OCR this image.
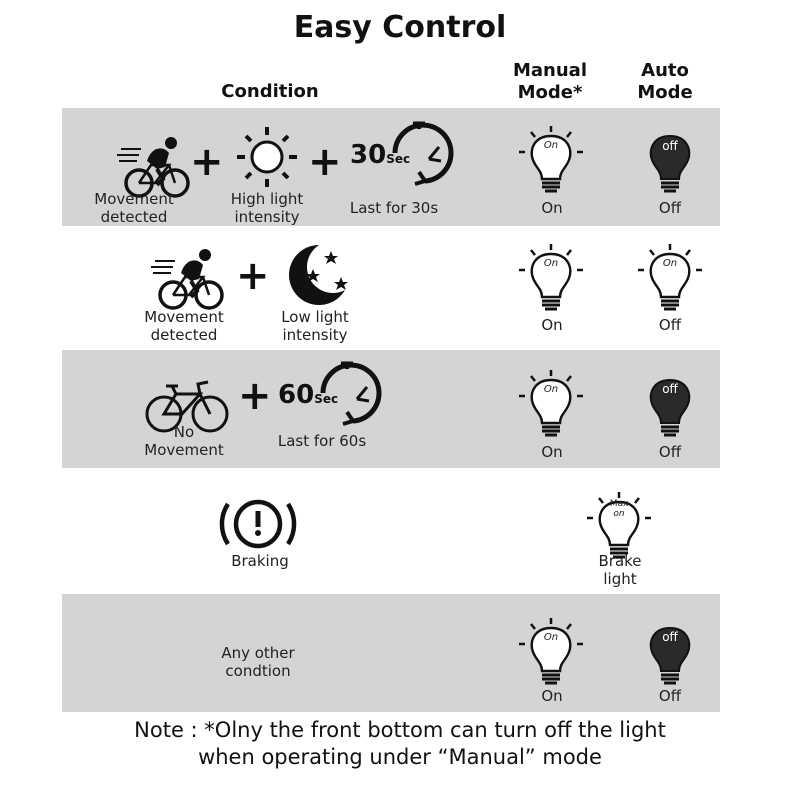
Easy Control
Condition
Manual
Mode*
Auto
Mode
Movement
detected
+
High light
intensity
+ 30Sec
Last for 30s
On
On
off
Off
Movement
detected
+
Low light
intensity
On
On
On
Off
No
Movement
+ 60Sec
Last for 60s
On
On
off
Off
Braking
Max
on
Brake
light
Any other
condtion
On
On
off
Off
Note : *Olny the front bottom can turn off the light
when operating under “Manual” mode
